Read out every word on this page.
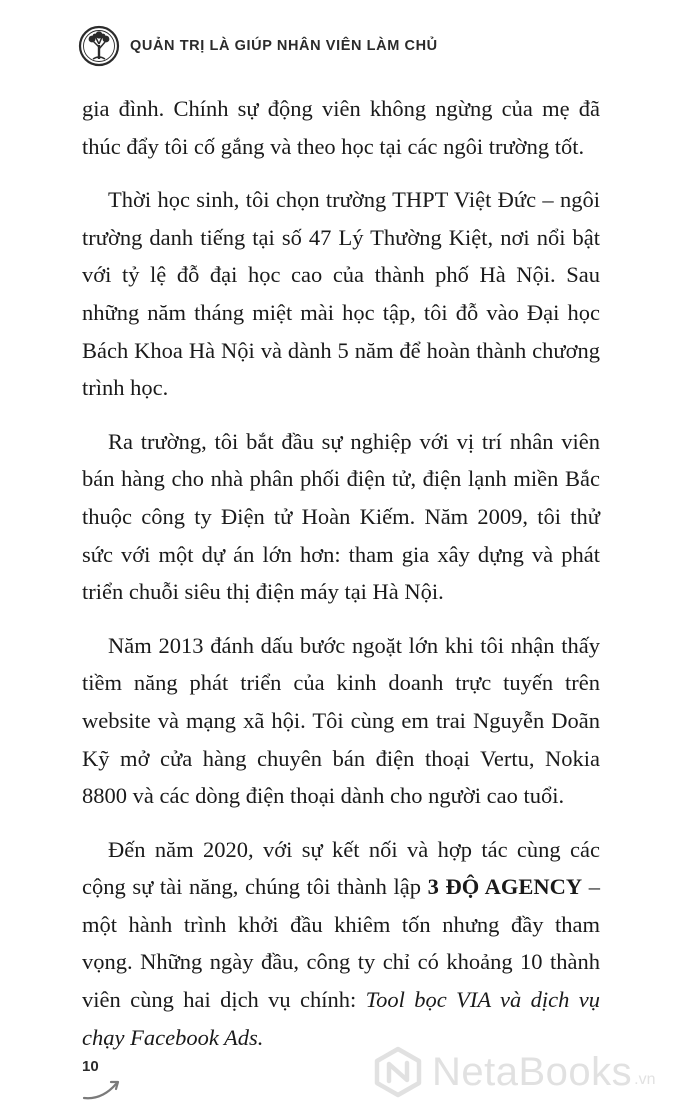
QUẢN TRỊ LÀ GIÚP NHÂN VIÊN LÀM CHỦ

gia đình. Chính sự động viên không ngừng của mẹ đã thúc đẩy tôi cố gắng và theo học tại các ngôi trường tốt.

Thời học sinh, tôi chọn trường THPT Việt Đức – ngôi trường danh tiếng tại số 47 Lý Thường Kiệt, nơi nổi bật với tỷ lệ đỗ đại học cao của thành phố Hà Nội. Sau những năm tháng miệt mài học tập, tôi đỗ vào Đại học Bách Khoa Hà Nội và dành 5 năm để hoàn thành chương trình học.

Ra trường, tôi bắt đầu sự nghiệp với vị trí nhân viên bán hàng cho nhà phân phối điện tử, điện lạnh miền Bắc thuộc công ty Điện tử Hoàn Kiếm. Năm 2009, tôi thử sức với một dự án lớn hơn: tham gia xây dựng và phát triển chuỗi siêu thị điện máy tại Hà Nội.

Năm 2013 đánh dấu bước ngoặt lớn khi tôi nhận thấy tiềm năng phát triển của kinh doanh trực tuyến trên website và mạng xã hội. Tôi cùng em trai Nguyễn Doãn Kỹ mở cửa hàng chuyên bán điện thoại Vertu, Nokia 8800 và các dòng điện thoại dành cho người cao tuổi.

Đến năm 2020, với sự kết nối và hợp tác cùng các cộng sự tài năng, chúng tôi thành lập 3 ĐỘ AGENCY – một hành trình khởi đầu khiêm tốn nhưng đầy tham vọng. Những ngày đầu, công ty chỉ có khoảng 10 thành viên cùng hai dịch vụ chính: Tool bọc VIA và dịch vụ chạy Facebook Ads.

10	NetaBooks .vn
